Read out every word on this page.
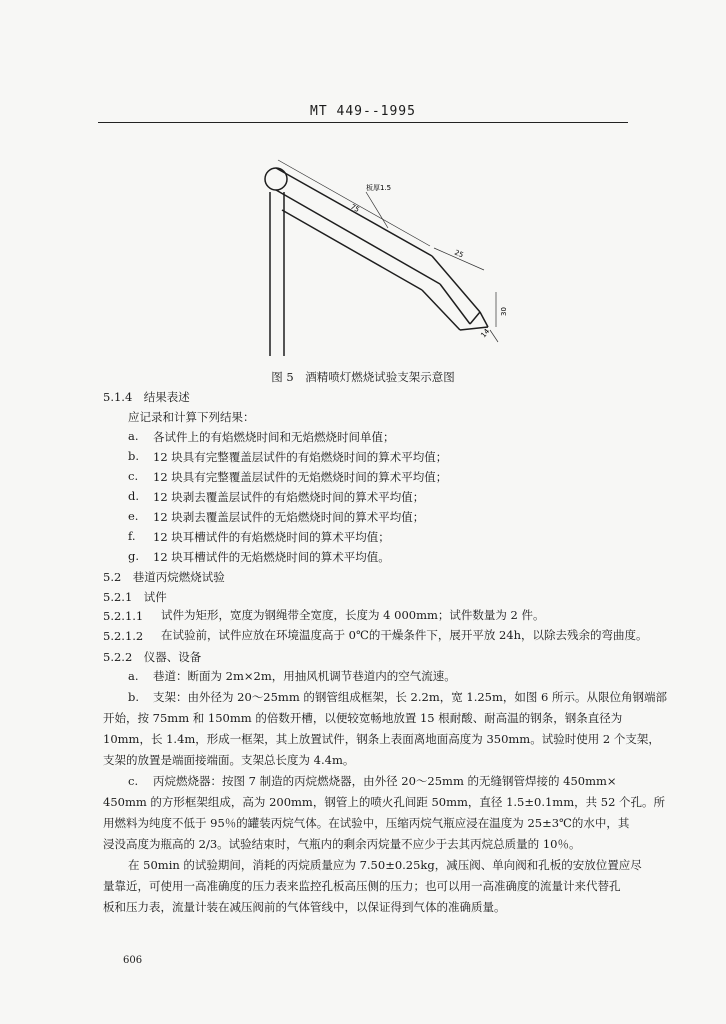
MT 449--1995
板厚1.5
75
25
30
14
图 5　酒精喷灯燃烧试验支架示意图
5.1.4　结果表述
应记录和计算下列结果：
a. 各试件上的有焰燃烧时间和无焰燃烧时间单值；
b. 12 块具有完整覆盖层试件的有焰燃烧时间的算术平均值；
c. 12 块具有完整覆盖层试件的无焰燃烧时间的算术平均值；
d. 12 块剥去覆盖层试件的有焰燃烧时间的算术平均值；
e. 12 块剥去覆盖层试件的无焰燃烧时间的算术平均值；
f. 12 块耳槽试件的有焰燃烧时间的算术平均值；
g. 12 块耳槽试件的无焰燃烧时间的算术平均值。
5.2　巷道丙烷燃烧试验
5.2.1　试件
5.2.1.1 试件为矩形，宽度为钢绳带全宽度，长度为 4 000mm；试件数量为 2 件。
5.2.1.2 在试验前，试件应放在环境温度高于 0℃的干燥条件下，展开平放 24h，以除去残余的弯曲度。
5.2.2　仪器、设备
a. 巷道：断面为 2m×2m，用抽风机调节巷道内的空气流速。
b. 支架：由外径为 20～25mm 的钢管组成框架，长 2.2m，宽 1.25m，如图 6 所示。从限位角钢端部
开始，按 75mm 和 150mm 的倍数开槽，以便较宽畅地放置 15 根耐酸、耐高温的钢条，钢条直径为
10mm，长 1.4m，形成一框架，其上放置试件，钢条上表面离地面高度为 350mm。试验时使用 2 个支架，
支架的放置是端面接端面。支架总长度为 4.4m。
c. 丙烷燃烧器：按图 7 制造的丙烷燃烧器，由外径 20～25mm 的无缝钢管焊接的 450mm×
450mm 的方形框架组成，高为 200mm，钢管上的喷火孔间距 50mm，直径 1.5±0.1mm，共 52 个孔。所
用燃料为纯度不低于 95％的罐装丙烷气体。在试验中，压缩丙烷气瓶应浸在温度为 25±3℃的水中，其
浸没高度为瓶高的 2/3。试验结束时，气瓶内的剩余丙烷量不应少于去其丙烷总质量的 10％。
在 50min 的试验期间，消耗的丙烷质量应为 7.50±0.25kg，减压阀、单向阀和孔板的安放位置应尽
量靠近，可使用一高准确度的压力表来监控孔板高压侧的压力；也可以用一高准确度的流量计来代替孔
板和压力表，流量计装在减压阀前的气体管线中，以保证得到气体的准确质量。
606
